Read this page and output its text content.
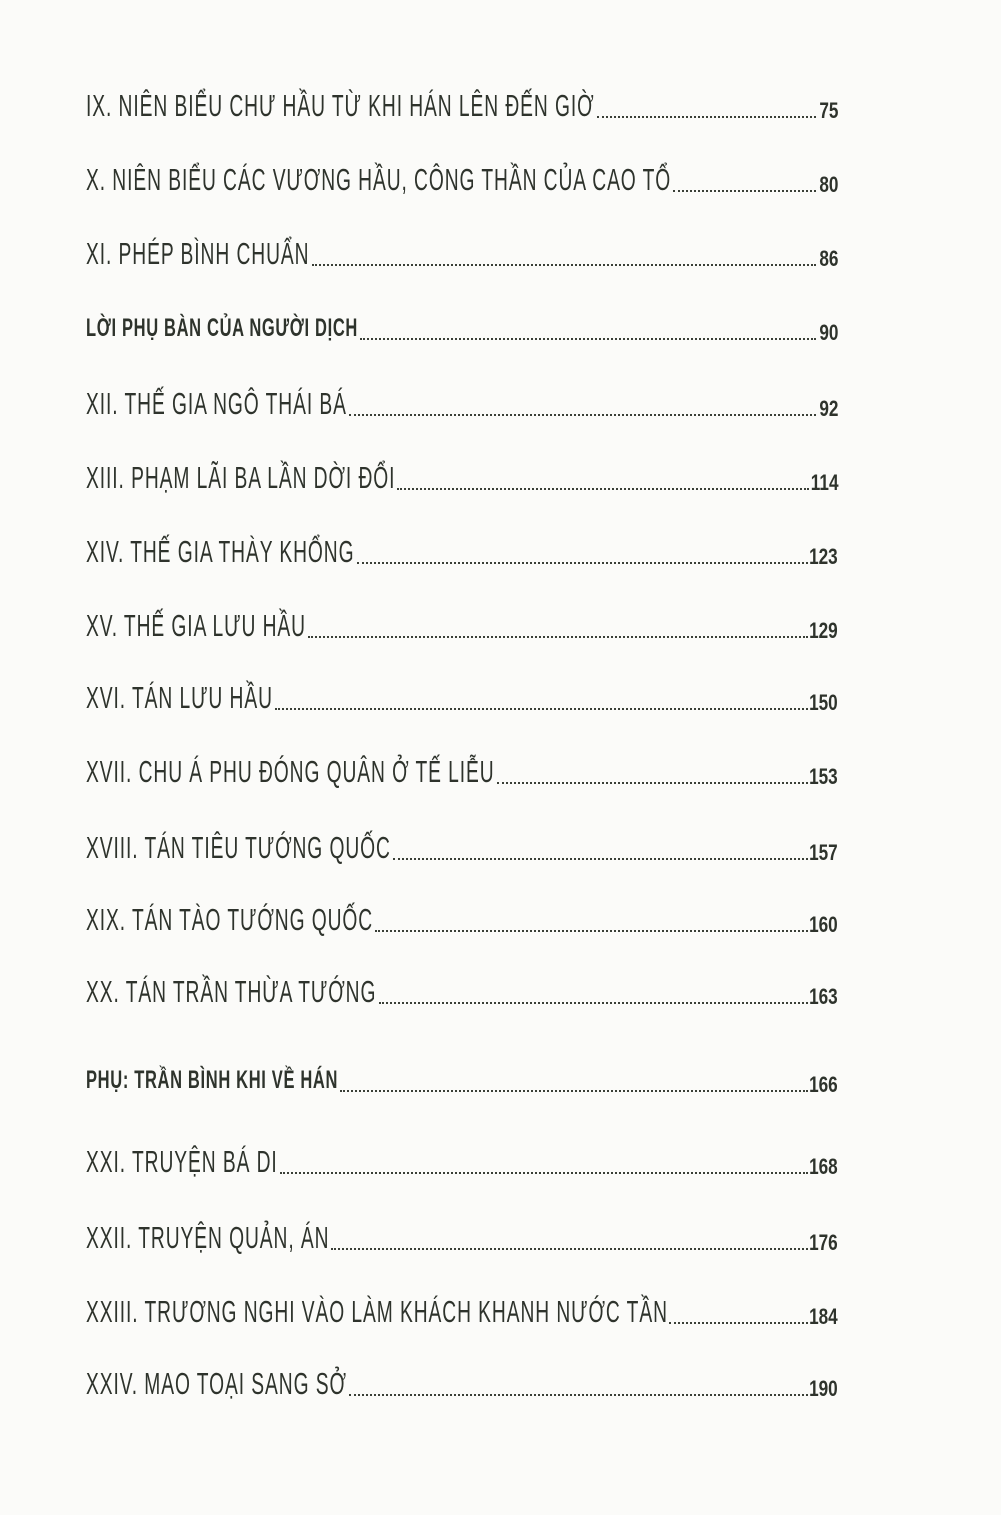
IX. NIÊN BIỂU CHƯ HẦU TỪ KHI HÁN LÊN ĐẾN GIỜ	75
X. NIÊN BIỂU CÁC VƯƠNG HẦU, CÔNG THẦN CỦA CAO TỔ	80
XI. PHÉP BÌNH CHUẨN	86
LỜI PHỤ BÀN CỦA NGƯỜI DỊCH	90
XII. THẾ GIA NGÔ THÁI BÁ	92
XIII. PHẠM LÃI BA LẦN DỜI ĐỔI	114
XIV. THẾ GIA THÀY KHỔNG	123
XV. THẾ GIA LƯU HẦU	129
XVI. TÁN LƯU HẦU	150
XVII. CHU Á PHU ĐÓNG QUÂN Ở TẾ LIỄU	153
XVIII. TÁN TIÊU TƯỚNG QUỐC	157
XIX. TÁN TÀO TƯỚNG QUỐC	160
XX. TÁN TRẦN THỪA TƯỚNG	163
PHỤ: TRẦN BÌNH KHI VỀ HÁN	166
XXI. TRUYỆN BÁ DI	168
XXII. TRUYỆN QUẢN, ÁN	176
XXIII. TRƯƠNG NGHI VÀO LÀM KHÁCH KHANH NƯỚC TẦN	184
XXIV. MAO TOẠI SANG SỞ	190
